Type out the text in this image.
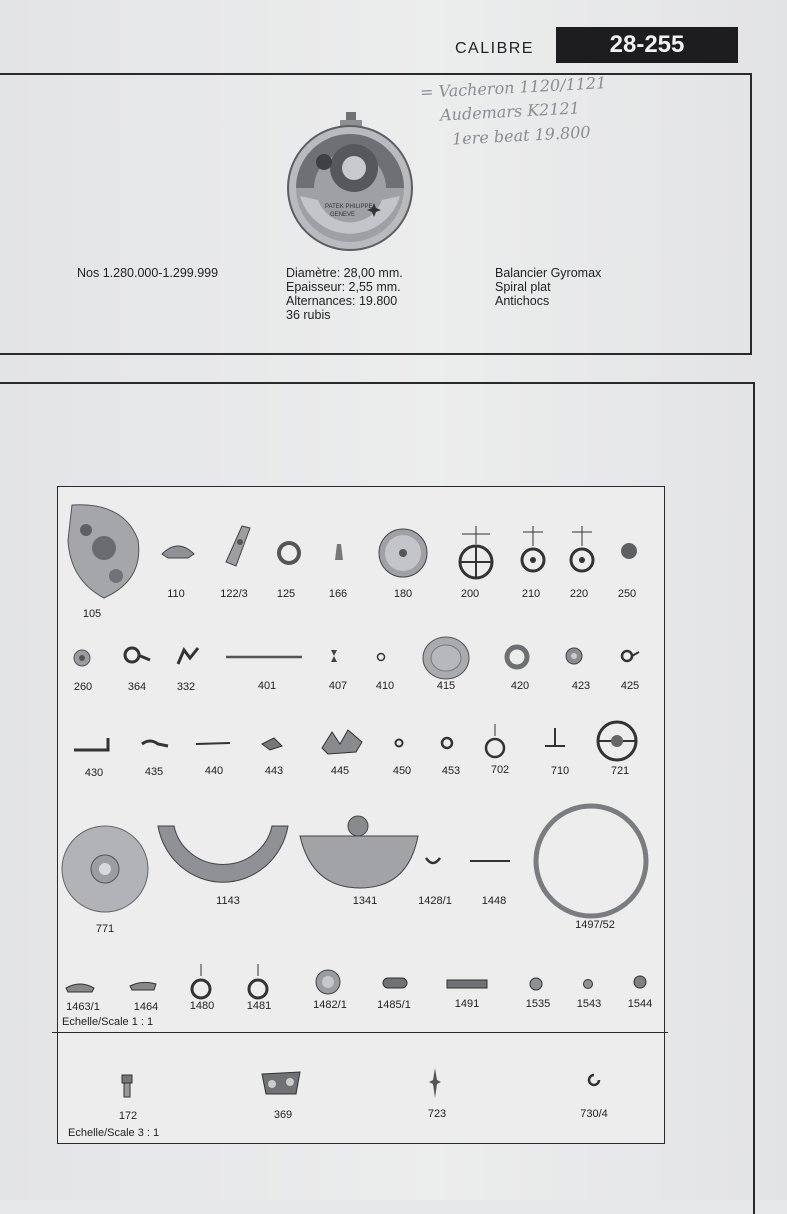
CALIBRE	28-255
= Vacheron 1120/1121
Audemars K2121
1ere beat 19.800
PATEK PHILIPPE
GENEVE
Nos 1.280.000-1.299.999	Diamètre: 28,00 mm.
Epaisseur: 2,55 mm.
Alternances: 19.800
36 rubis
Balancier Gyromax
Spiral plat
Antichocs
105
110	122/3	125	166	180	200	210	220	250
260	364	332	401	407	410	415	420	423	425
430	435	440	443	445	450	453	702	710	721
771
1143	1341	1428/1	1448
1497/52
1463/1	1464	1480	1481	1482/1	1485/1	1491	1535 1543 1544
Echelle/Scale 1 : 1
172	369	723	730/4
Echelle/Scale 3 : 1
